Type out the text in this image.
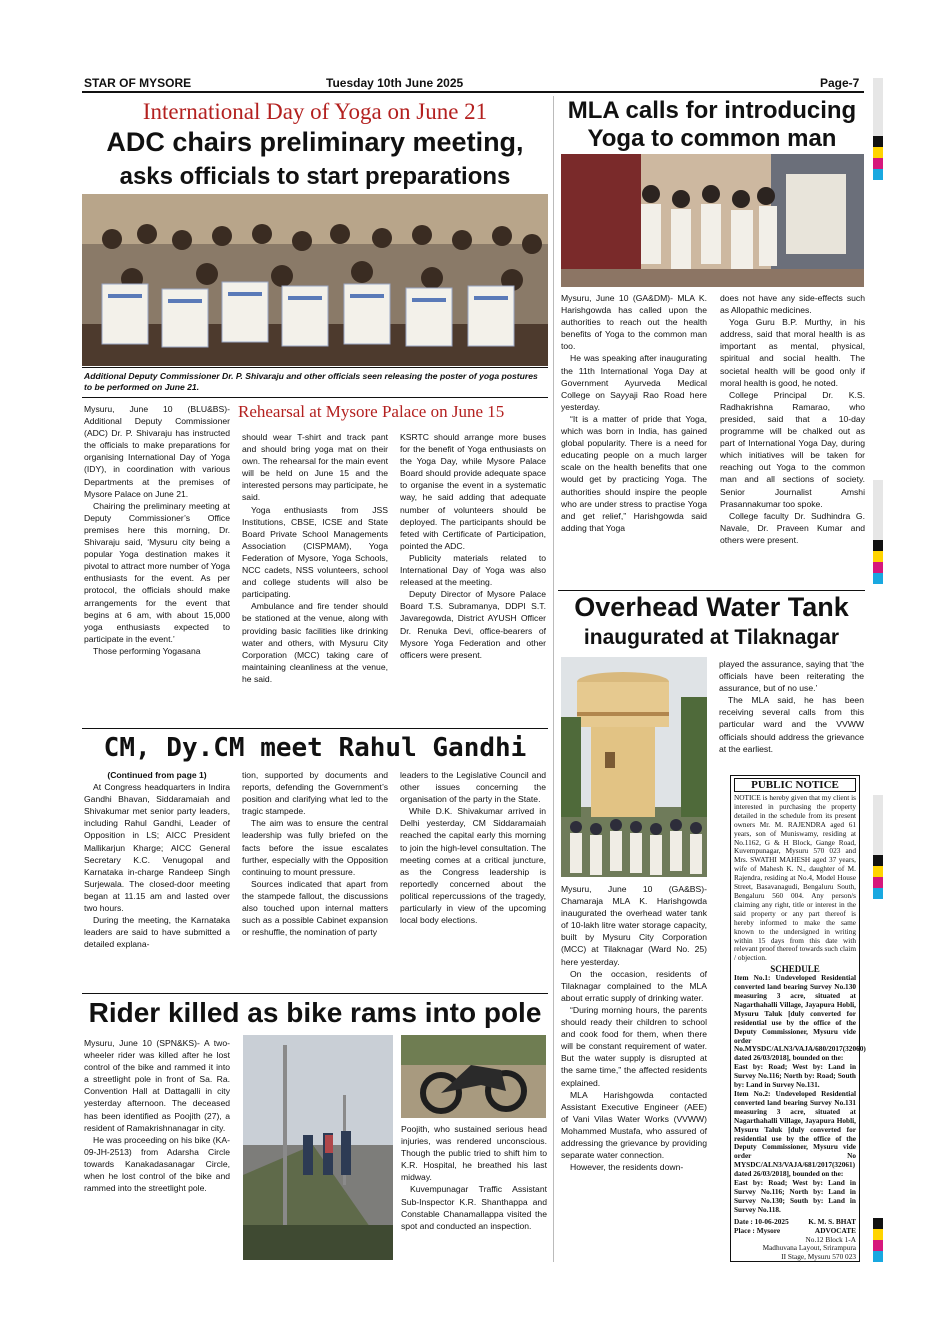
STAR OF MYSORE	Tuesday 10th June 2025	Page-7
International Day of Yoga on June 21
ADC chairs preliminary meeting,
asks officials to start preparations
Additional Deputy Commissioner Dr. P. Shivaraju and other officials seen releasing the poster of yoga postures to be performed on June 21.

Mysuru, June 10 (BLU&BS)- Additional Deputy Commissioner (ADC) Dr. P. Shivaraju has instructed the officials to make preparations for organising International Day of Yoga (IDY), in coordination with various Departments at the premises of Mysore Palace on June 21.

Chairing the preliminary meeting at Deputy Commissioner’s Office premises here this morning, Dr. Shivaraju said, ‘Mysuru city being a popular Yoga destination makes it pivotal to attract more number of Yoga enthusiasts for the event. As per protocol, the officials should make arrangements for the event that begins at 6 am, with about 15,000 yoga enthusiasts expected to participate in the event.’

Those performing Yogasana

Rehearsal at Mysore Palace on June 15

should wear T-shirt and track pant and should bring yoga mat on their own. The rehearsal for the main event will be held on June 15 and the interested persons may participate, he said.

Yoga enthusiasts from JSS Institutions, CBSE, ICSE and State Board Private School Managements Association (CISPMAM), Yoga Federation of Mysore, Yoga Schools, NCC cadets, NSS volunteers, school and college students will also be participating.

Ambulance and fire tender should be stationed at the venue, along with providing basic facilities like drinking water and others, with Mysuru City Corporation (MCC) taking care of maintaining cleanliness at the venue, he said.

KSRTC should arrange more buses for the benefit of Yoga enthusiasts on the Yoga Day, while Mysore Palace Board should provide adequate space to organise the event in a systematic way, he said adding that adequate number of volunteers should be deployed. The participants should be feted with Certificate of Participation, pointed the ADC.

Publicity materials related to International Day of Yoga was also released at the meeting.

Deputy Director of Mysore Palace Board T.S. Subramanya, DDPI S.T. Javaregowda, District AYUSH Officer Dr. Renuka Devi, office-bearers of Mysore Yoga Federation and other officers were present.

MLA calls for introducing
Yoga to common man

Mysuru, June 10 (GA&DM)- MLA K. Harishgowda has called upon the authorities to reach out the health benefits of Yoga to the common man too.

He was speaking after inaugurating the 11th International Yoga Day at Government Ayurveda Medical College on Sayyaji Rao Road here yesterday.

“It is a matter of pride that Yoga, which was born in India, has gained global popularity. There is a need for educating people on a much larger scale on the health benefits that one would get by practicing Yoga. The authorities should inspire the people who are under stress to practise Yoga and get relief,” Harishgowda said adding that Yoga

does not have any side-effects such as Allopathic medicines.

Yoga Guru B.P. Murthy, in his address, said that moral health is as important as mental, physical, spiritual and social health. The societal health will be good only if moral health is good, he noted.

College Principal Dr. K.S. Radhakrishna Ramarao, who presided, said that a 10-day programme will be chalked out as part of International Yoga Day, during which initiatives will be taken for reaching out Yoga to the common man and all sections of society. Senior Journalist Amshi Prasannakumar too spoke.

College faculty Dr. Sudhindra G. Navale, Dr. Praveen Kumar and others were present.

CM, Dy.CM meet Rahul Gandhi
(Continued from page 1)

At Congress headquarters in Indira Gandhi Bhavan, Siddaramaiah and Shivakumar met senior party leaders, including Rahul Gandhi, Leader of Opposition in LS; AICC President Mallikarjun Kharge; AICC General Secretary K.C. Venugopal and Karnataka in-charge Randeep Singh Surjewala. The closed-door meeting began at 11.15 am and lasted over two hours.

During the meeting, the Karnataka leaders are said to have submitted a detailed explana-

tion, supported by documents and reports, defending the Government’s position and clarifying what led to the tragic stampede.

The aim was to ensure the central leadership was fully briefed on the facts before the issue escalates further, especially with the Opposition continuing to mount pressure.

Sources indicated that apart from the stampede fallout, the discussions also touched upon internal matters such as a possible Cabinet expansion or reshuffle, the nomination of party

leaders to the Legislative Council and other issues concerning the organisation of the party in the State.

While D.K. Shivakumar arrived in Delhi yesterday, CM Siddaramaiah reached the capital early this morning to join the high-level consultation. The meeting comes at a critical juncture, as the Congress leadership is reportedly concerned about the political repercussions of the tragedy, particularly in view of the upcoming local body elections.

Rider killed as bike rams into pole

Mysuru, June 10 (SPN&KS)- A two-wheeler rider was killed after he lost control of the bike and rammed it into a streetlight pole in front of Sa. Ra. Convention Hall at Dattagalli in city yesterday afternoon. The deceased has been identified as Poojith (27), a resident of Ramakrishnanagar in city.

He was proceeding on his bike (KA-09-JH-2513) from Adarsha Circle towards Kanakadasanagar Circle, when he lost control of the bike and rammed into the streetlight pole.

Poojith, who sustained serious head injuries, was rendered unconscious. Though the public tried to shift him to K.R. Hospital, he breathed his last midway.

Kuvempunagar Traffic Assistant Sub-Inspector K.R. Shanthappa and Constable Chanamallappa visited the spot and conducted an inspection.

Overhead Water Tank
inaugurated at Tilaknagar

played the assurance, saying that ‘the officials have been reiterating the assurance, but of no use.’

The MLA said, he has been receiving several calls from this particular ward and the VVWW officials should address the grievance at the earliest.

Mysuru, June 10 (GA&BS)- Chamaraja MLA K. Harishgowda inaugurated the overhead water tank of 10-lakh litre water storage capacity, built by Mysuru City Corporation (MCC) at Tilaknagar (Ward No. 25) here yesterday.

On the occasion, residents of Tilaknagar complained to the MLA about erratic supply of drinking water.

“During morning hours, the parents should ready their children to school and cook food for them, when there will be constant requirement of water. But the water supply is disrupted at the same time,” the affected residents explained.

MLA Harishgowda contacted Assistant Executive Engineer (AEE) of Vani Vilas Water Works (VVWW) Mohammed Mustafa, who assured of addressing the grievance by providing separate water connection.

However, the residents down-

PUBLIC NOTICE
NOTICE is hereby given that my client is interested in purchasing the property detailed in the schedule from its present owners Mr. M. RAJENDRA aged 61 years, son of Muniswamy, residing at No.1162, G & H Block, Gange Road, Kuvempunagar, Mysuru 570 023 and Mrs. SWATHI MAHESH aged 37 years, wife of Mahesh K. N., daughter of M. Rajendra, residing at No.4, Model House Street, Basavanagudi, Bengaluru South, Bengaluru 560 004. Any person/s claiming any right, title or interest in the said property or any part thereof is hereby informed to make the same known to the undersigned in writing within 15 days from this date with relevant proof thereof towards such claim / objection.
SCHEDULE
Item No.1: Undeveloped Residential converted land bearing Survey No.130 measuring 3 acre, situated at Nagarthahalli Village, Jayapura Hobli, Mysuru Taluk [duly converted for residential use by the office of the Deputy Commissioner, Mysuru vide order No.MYSDC/ALN3/VAJA/680/2017(32060) dated 26/03/2018], bounded on the:
East by: Road; West by: Land in Survey No.116; North by: Road; South by: Land in Survey No.131.
Item No.2: Undeveloped Residential converted land bearing Survey No.131 measuring 3 acre, situated at Nagarthahalli Village, Jayapura Hobli, Mysuru Taluk [duly converted for residential use by the office of the Deputy Commissioner, Mysuru vide order No MYSDC/ALN3/VAJA/681/2017(32061) dated 26/03/2018], bounded on the:
East by: Road; West by: Land in Survey No.116; North by: Land in Survey No.130; South by: Land in Survey No.118.
Date : 10-06-2025
Place : Mysore
K. M. S. BHAT
ADVOCATE
No.12 Block 1-A
Madhuvana Layout, Srirampura
II Stage, Mysuru 570 023
